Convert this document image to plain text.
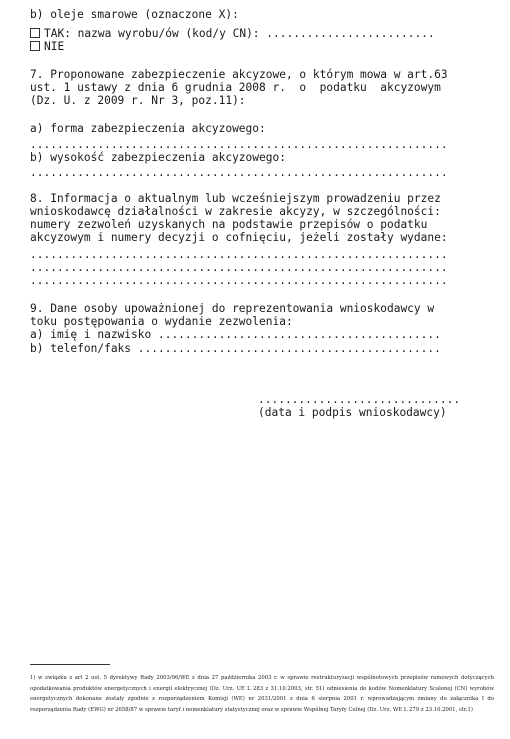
b) oleje smarowe (oznaczone X):
TAK: nazwa wyrobu/ów (kod/y CN): .........................
NIE
7. Proponowane zabezpieczenie akcyzowe, o którym mowa w art.63
ust. 1 ustawy z dnia 6 grudnia 2008 r.  o  podatku  akcyzowym
(Dz. U. z 2009 r. Nr 3, poz.11):
a) forma zabezpieczenia akcyzowego:
..............................................................
b) wysokość zabezpieczenia akcyzowego:
..............................................................
8. Informacja o aktualnym lub wcześniejszym prowadzeniu przez
wnioskodawcę działalności w zakresie akcyzy, w szczególności:
numery zezwoleń uzyskanych na podstawie przepisów o podatku
akcyzowym i numery decyzji o cofnięciu, jeżeli zostały wydane:
..............................................................
..............................................................
..............................................................
9. Dane osoby upoważnionej do reprezentowania wnioskodawcy w
toku postępowania o wydanie zezwolenia:
a) imię i nazwisko ..........................................
b) telefon/faks .............................................
..............................
(data i podpis wnioskodawcy)
1) w związku z art 2 ust. 5 dyrektywy Rady 2003/96/WE z dnia 27 października 2003 r. w sprawie restrukturyzacji wspólnotowych przepisów ramowych dotyczących opodatkowania produktów energetycznych i energii elektrycznej (Dz. Urz. UE L 283 z 31.10.2003, str. 51) odniesienia do kodów Nomenklatury Scalonej (CN) wyrobów energetycznych dokonane zostały zgodnie z rozporządzeniem Komisji (WE) nr 2031/2001 z dnia 6 sierpnia 2001 r. wprowadzającym zmiany do załącznika I do rozporządzenia Rady (EWG) nr 2658/87 w sprawie taryf i nomenklatury statystycznej oraz w sprawie Wspólnej Taryfy Celnej (Dz. Urz. WE L 279 z 23.10.2001, str.1)
